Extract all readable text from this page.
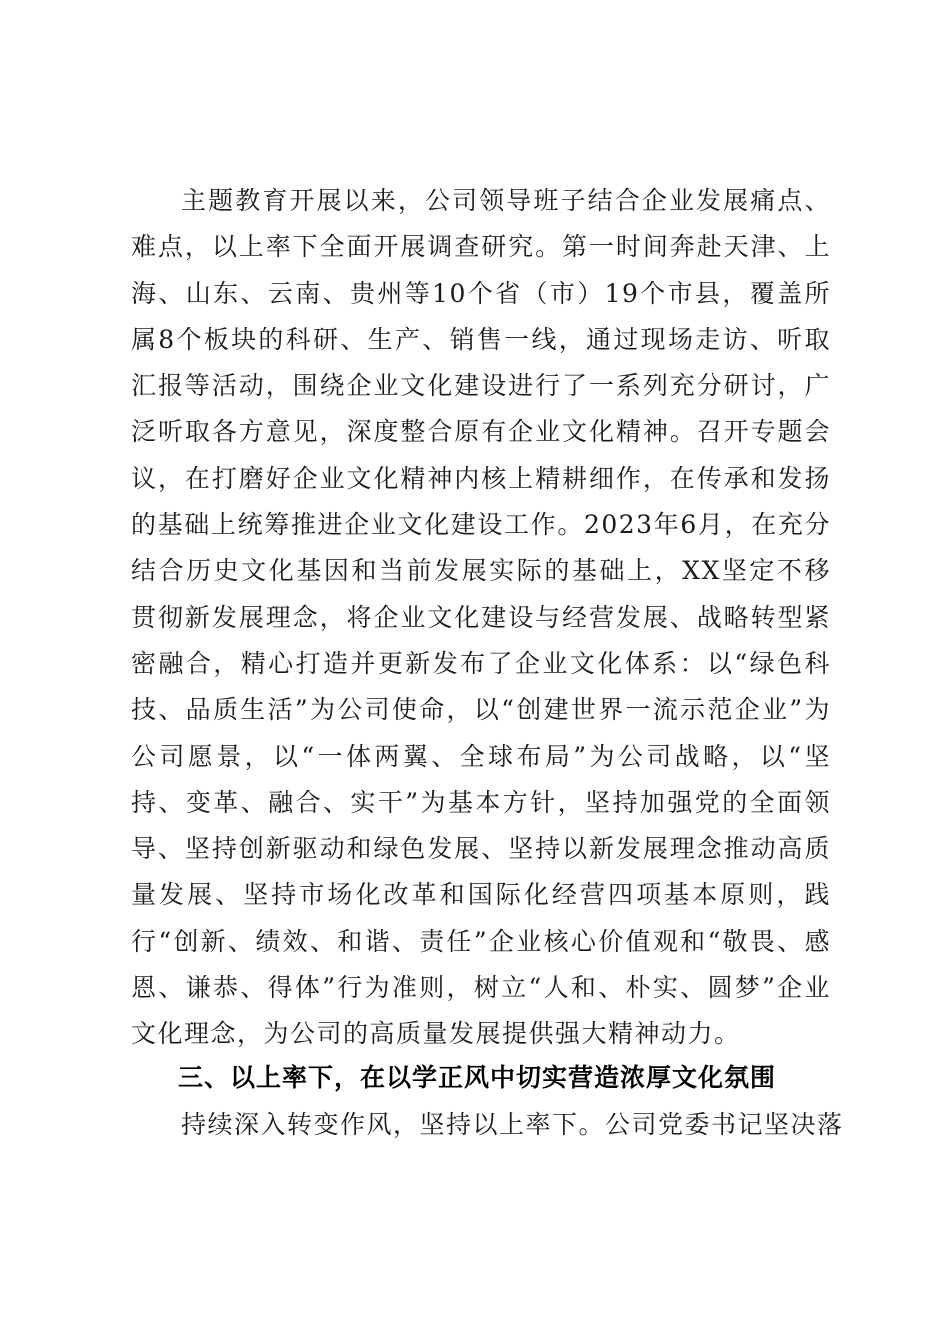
主题教育开展以来，公司领导班子结合企业发展痛点、难点，以上率下全面开展调查研究。第一时间奔赴天津、上海、山东、云南、贵州等10个省（市）19个市县，覆盖所属8个板块的科研、生产、销售一线，通过现场走访、听取汇报等活动，围绕企业文化建设进行了一系列充分研讨，广泛听取各方意见，深度整合原有企业文化精神。召开专题会议，在打磨好企业文化精神内核上精耕细作，在传承和发扬的基础上统筹推进企业文化建设工作。2023年6月，在充分结合历史文化基因和当前发展实际的基础上，XX坚定不移贯彻新发展理念，将企业文化建设与经营发展、战略转型紧密融合，精心打造并更新发布了企业文化体系：以“绿色科技、品质生活”为公司使命，以“创建世界一流示范企业”为公司愿景，以“一体两翼、全球布局”为公司战略，以“坚持、变革、融合、实干”为基本方针，坚持加强党的全面领导、坚持创新驱动和绿色发展、坚持以新发展理念推动高质量发展、坚持市场化改革和国际化经营四项基本原则，践行“创新、绩效、和谐、责任”企业核心价值观和“敬畏、感恩、谦恭、得体”行为准则，树立“人和、朴实、圆梦”企业文化理念，为公司的高质量发展提供强大精神动力。

三、以上率下，在以学正风中切实营造浓厚文化氛围

持续深入转变作风，坚持以上率下。公司党委书记坚决落
